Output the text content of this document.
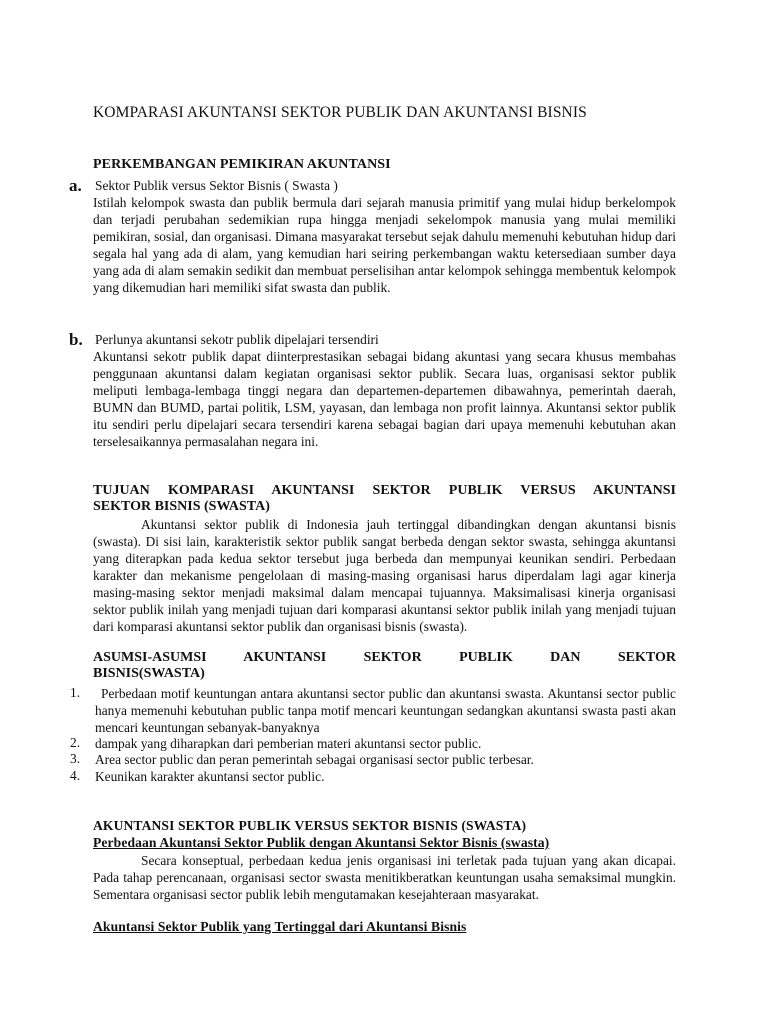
KOMPARASI AKUNTANSI SEKTOR PUBLIK DAN AKUNTANSI BISNIS
PERKEMBANGAN PEMIKIRAN AKUNTANSI
a. Sektor Publik versus Sektor Bisnis ( Swasta )
Istilah kelompok swasta dan publik bermula dari sejarah manusia primitif yang mulai hidup berkelompok dan terjadi perubahan sedemikian rupa hingga menjadi sekelompok manusia yang mulai memiliki pemikiran, sosial, dan organisasi. Dimana masyarakat tersebut sejak dahulu memenuhi kebutuhan hidup dari segala hal yang ada di alam, yang kemudian hari seiring perkembangan waktu ketersediaan sumber daya yang ada di alam semakin sedikit dan membuat perselisihan antar kelompok sehingga membentuk kelompok yang dikemudian hari memiliki sifat swasta dan publik.
b. Perlunya akuntansi sekotr publik dipelajari tersendiri
Akuntansi sekotr publik dapat diinterprestasikan sebagai bidang akuntasi yang secara khusus membahas penggunaan akuntansi dalam kegiatan organisasi sektor publik. Secara luas, organisasi sektor publik meliputi lembaga-lembaga tinggi negara dan departemen-departemen dibawahnya, pemerintah daerah, BUMN dan BUMD, partai politik, LSM, yayasan, dan lembaga non profit lainnya. Akuntansi sektor publik itu sendiri perlu dipelajari secara tersendiri karena sebagai bagian dari upaya memenuhi kebutuhan akan terselesaikannya permasalahan negara ini.
TUJUAN KOMPARASI AKUNTANSI SEKTOR PUBLIK VERSUS AKUNTANSI
SEKTOR BISNIS (SWASTA)
Akuntansi sektor publik di Indonesia jauh tertinggal dibandingkan dengan akuntansi bisnis (swasta). Di sisi lain, karakteristik sektor publik sangat berbeda dengan sektor swasta, sehingga akuntansi yang diterapkan pada kedua sektor tersebut juga berbeda dan mempunyai keunikan sendiri. Perbedaan karakter dan mekanisme pengelolaan di masing-masing organisasi harus diperdalam lagi agar kinerja masing-masing sektor menjadi maksimal dalam mencapai tujuannya. Maksimalisasi kinerja organisasi sektor publik inilah yang menjadi tujuan dari komparasi akuntansi sektor publik inilah yang menjadi tujuan dari komparasi akuntansi sektor publik dan organisasi bisnis (swasta).
ASUMSI-ASUMSI AKUNTANSI SEKTOR PUBLIK DAN SEKTOR
BISNIS(SWASTA)
1.	Perbedaan motif keuntungan antara akuntansi sector public dan akuntansi swasta. Akuntansi sector public hanya memenuhi kebutuhan public tanpa motif mencari keuntungan sedangkan akuntansi swasta pasti akan mencari keuntungan sebanyak-banyaknya
2. dampak yang diharapkan dari pemberian materi akuntansi sector public.
3. Area sector public dan peran pemerintah sebagai organisasi sector public terbesar.
4. Keunikan karakter akuntansi sector public.
AKUNTANSI SEKTOR PUBLIK VERSUS SEKTOR BISNIS (SWASTA)
Perbedaan Akuntansi Sektor Publik dengan Akuntansi Sektor Bisnis (swasta)
Secara konseptual, perbedaan kedua jenis organisasi ini terletak pada tujuan yang akan dicapai. Pada tahap perencanaan, organisasi sector swasta menitikberatkan keuntungan usaha semaksimal mungkin. Sementara organisasi sector publik lebih mengutamakan kesejahteraan masyarakat.
Akuntansi Sektor Publik yang Tertinggal dari Akuntansi Bisnis
